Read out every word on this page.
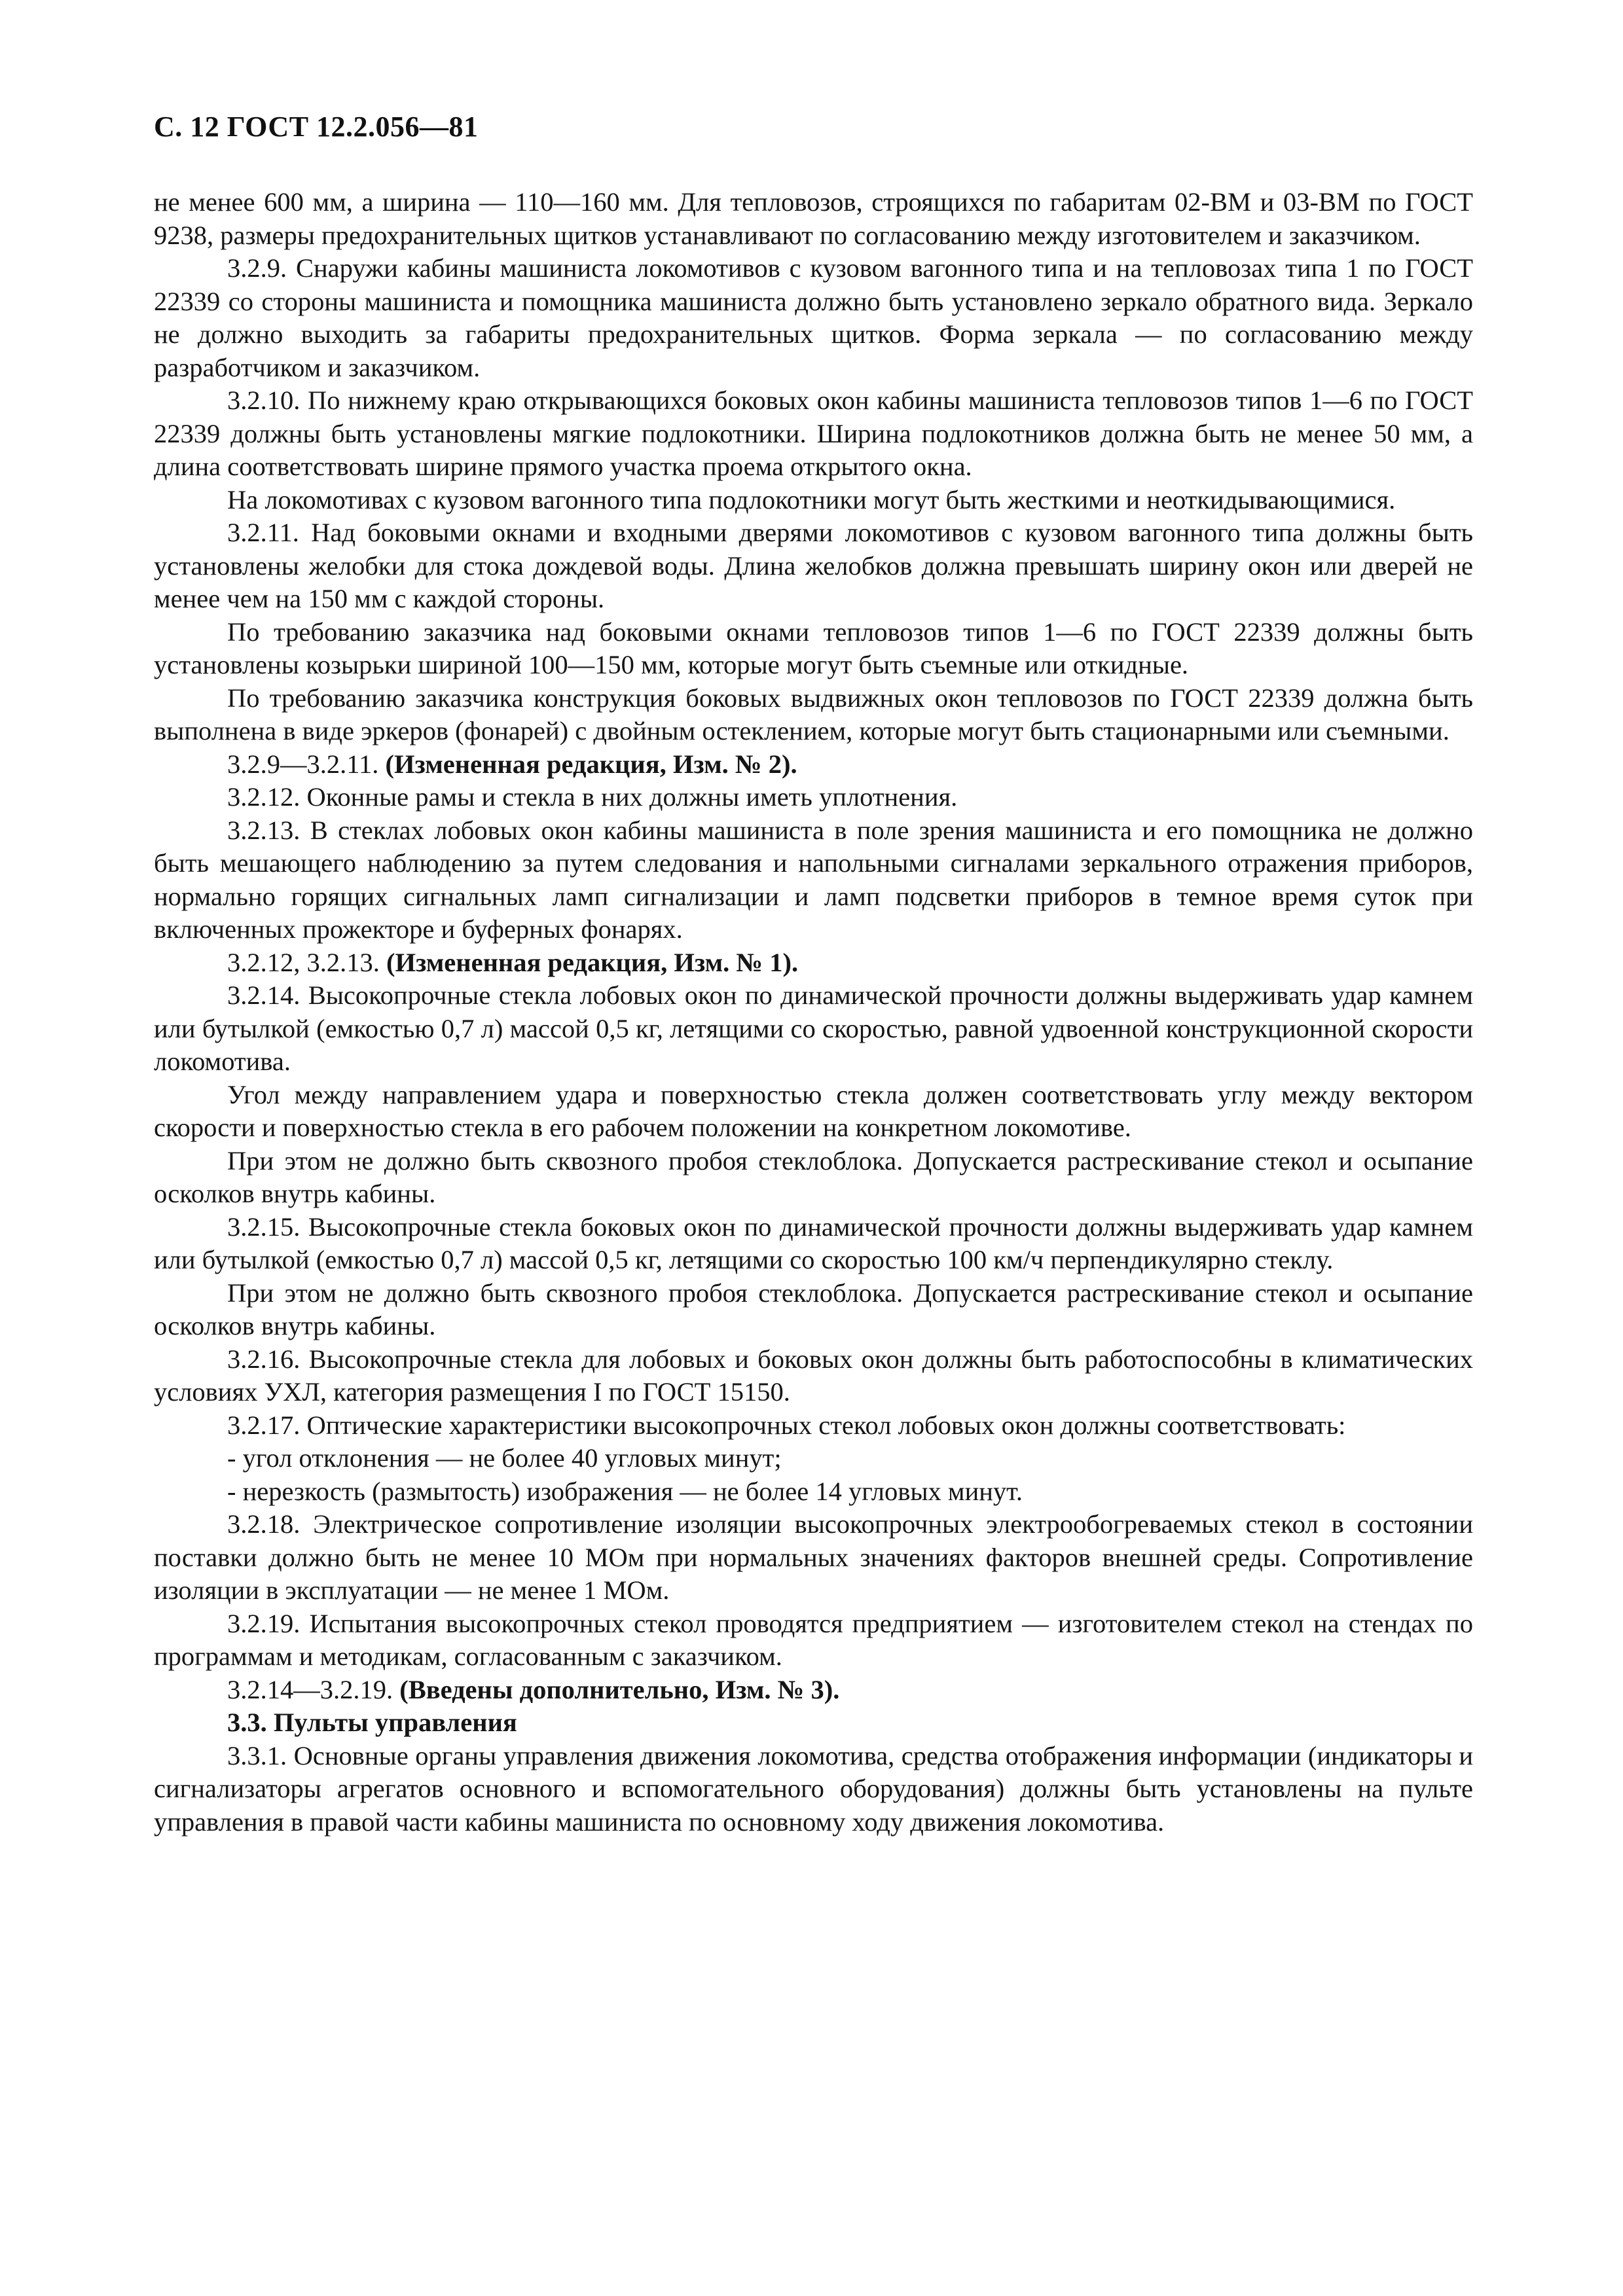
С. 12 ГОСТ 12.2.056—81

не менее 600 мм, а ширина — 110—160 мм. Для тепловозов, строящихся по габаритам 02-ВМ и 03-ВМ по ГОСТ 9238, размеры предохранительных щитков устанавливают по согласованию между изготовителем и заказчиком.

3.2.9. Снаружи кабины машиниста локомотивов с кузовом вагонного типа и на тепловозах типа 1 по ГОСТ 22339 со стороны машиниста и помощника машиниста должно быть установлено зеркало обратного вида. Зеркало не должно выходить за габариты предохранительных щитков. Форма зеркала — по согласованию между разработчиком и заказчиком.

3.2.10. По нижнему краю открывающихся боковых окон кабины машиниста тепловозов типов 1—6 по ГОСТ 22339 должны быть установлены мягкие подлокотники. Ширина подлокотников должна быть не менее 50 мм, а длина соответствовать ширине прямого участка проема открытого окна.

На локомотивах с кузовом вагонного типа подлокотники могут быть жесткими и неоткидывающимися.

3.2.11. Над боковыми окнами и входными дверями локомотивов с кузовом вагонного типа должны быть установлены желобки для стока дождевой воды. Длина желобков должна превышать ширину окон или дверей не менее чем на 150 мм с каждой стороны.

По требованию заказчика над боковыми окнами тепловозов типов 1—6 по ГОСТ 22339 должны быть установлены козырьки шириной 100—150 мм, которые могут быть съемные или откидные.

По требованию заказчика конструкция боковых выдвижных окон тепловозов по ГОСТ 22339 должна быть выполнена в виде эркеров (фонарей) с двойным остеклением, которые могут быть стационарными или съемными.

3.2.9—3.2.11. (Измененная редакция, Изм. № 2).

3.2.12. Оконные рамы и стекла в них должны иметь уплотнения.

3.2.13. В стеклах лобовых окон кабины машиниста в поле зрения машиниста и его помощника не должно быть мешающего наблюдению за путем следования и напольными сигналами зеркального отражения приборов, нормально горящих сигнальных ламп сигнализации и ламп подсветки приборов в темное время суток при включенных прожекторе и буферных фонарях.

3.2.12, 3.2.13. (Измененная редакция, Изм. № 1).

3.2.14. Высокопрочные стекла лобовых окон по динамической прочности должны выдерживать удар камнем или бутылкой (емкостью 0,7 л) массой 0,5 кг, летящими со скоростью, равной удвоенной конструкционной скорости локомотива.

Угол между направлением удара и поверхностью стекла должен соответствовать углу между вектором скорости и поверхностью стекла в его рабочем положении на конкретном локомотиве.

При этом не должно быть сквозного пробоя стеклоблока. Допускается растрескивание стекол и осыпание осколков внутрь кабины.

3.2.15. Высокопрочные стекла боковых окон по динамической прочности должны выдерживать удар камнем или бутылкой (емкостью 0,7 л) массой 0,5 кг, летящими со скоростью 100 км/ч перпендикулярно стеклу.

При этом не должно быть сквозного пробоя стеклоблока. Допускается растрескивание стекол и осыпание осколков внутрь кабины.

3.2.16. Высокопрочные стекла для лобовых и боковых окон должны быть работоспособны в климатических условиях УХЛ, категория размещения I по ГОСТ 15150.

3.2.17. Оптические характеристики высокопрочных стекол лобовых окон должны соответствовать:

- угол отклонения — не более 40 угловых минут;

- нерезкость (размытость) изображения — не более 14 угловых минут.

3.2.18. Электрическое сопротивление изоляции высокопрочных электрообогреваемых стекол в состоянии поставки должно быть не менее 10 МОм при нормальных значениях факторов внешней среды. Сопротивление изоляции в эксплуатации — не менее 1 МОм.

3.2.19. Испытания высокопрочных стекол проводятся предприятием — изготовителем стекол на стендах по программам и методикам, согласованным с заказчиком.

3.2.14—3.2.19. (Введены дополнительно, Изм. № 3).

3.3. Пульты управления

3.3.1. Основные органы управления движения локомотива, средства отображения информации (индикаторы и сигнализаторы агрегатов основного и вспомогательного оборудования) должны быть установлены на пульте управления в правой части кабины машиниста по основному ходу движения локомотива.
